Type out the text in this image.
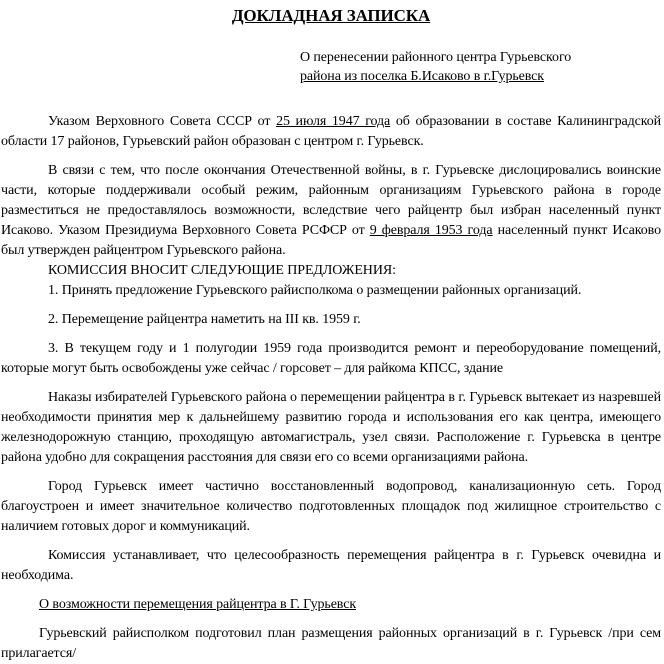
ДОКЛАДНАЯ ЗАПИСКА
О перенесении районного центра Гурьевского
района из поселка Б.Исаково в г.Гурьевск

Указом Верховного Совета СССР от 25 июля 1947 года об образовании в составе Калининградской области 17 районов, Гурьевский район образован с центром г. Гурьевск.

В связи с тем, что после окончания Отечественной войны, в г. Гурьевске дислоцировались воинские части, которые поддерживали особый режим, районным организациям Гурьевского района в городе разместиться не предоставлялось возможности, вследствие чего райцентр был избран населенный пункт Исаково. Указом Президиума Верховного Совета РСФСР от 9 февраля 1953 года населенный пункт Исаково был утвержден райцентром Гурьевского района.

КОМИССИЯ ВНОСИТ СЛЕДУЮЩИЕ ПРЕДЛОЖЕНИЯ:

1. Принять предложение Гурьевского райисполкома о размещении районных организаций.

2. Перемещение райцентра наметить на III кв. 1959 г.

3. В текущем году и 1 полугодии 1959 года производится ремонт и переоборудование помещений, которые могут быть освобождены уже сейчас / горсовет – для райкома КПСС, здание

Наказы избирателей Гурьевского района о перемещении райцентра в г. Гурьевск вытекает из назревшей необходимости принятия мер к дальнейшему развитию города и использования его как центра, имеющего железнодорожную станцию, проходящую автомагистраль, узел связи. Расположение г. Гурьевска в центре района удобно для сокращения расстояния для связи его со всеми организациями района.

Город Гурьевск имеет частично восстановленный водопровод, канализационную сеть. Город благоустроен и имеет значительное количество подготовленных площадок под жилищное строительство с наличием готовых дорог и коммуникаций.

Комиссия устанавливает, что целесообразность перемещения райцентра в г. Гурьевск очевидна и необходима.

О возможности перемещения райцентра в Г. Гурьевск

Гурьевский райисполком подготовил план размещения районных организаций в г. Гурьевск /при сем прилагается/
